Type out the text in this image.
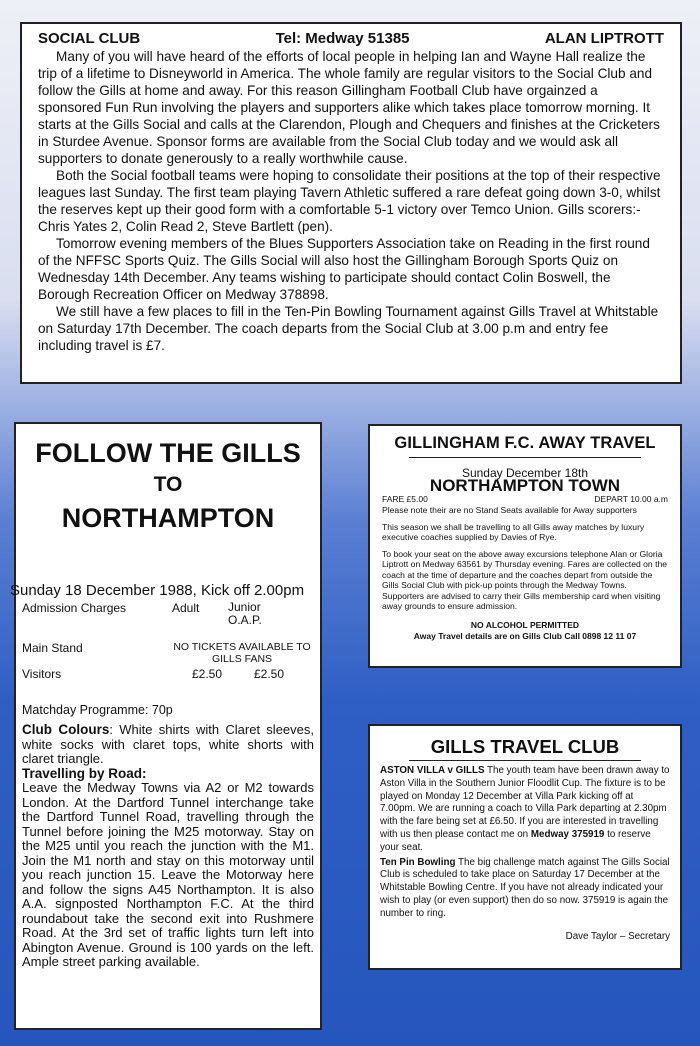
SOCIAL CLUB	Tel: Medway 51385	ALAN LIPTROTT

Many of you will have heard of the efforts of local people in helping Ian and Wayne Hall realize the trip of a lifetime to Disneyworld in America. The whole family are regular visitors to the Social Club and follow the Gills at home and away. For this reason Gillingham Football Club have orgainzed a sponsored Fun Run involving the players and supporters alike which takes place tomorrow morning. It starts at the Gills Social and calls at the Clarendon, Plough and Chequers and finishes at the Cricketers in Sturdee Avenue. Sponsor forms are available from the Social Club today and we would ask all supporters to donate generously to a really worthwhile cause.

Both the Social football teams were hoping to consolidate their positions at the top of their respective leagues last Sunday. The first team playing Tavern Athletic suffered a rare defeat going down 3-0, whilst the reserves kept up their good form with a comfortable 5-1 victory over Temco Union. Gills scorers:- Chris Yates 2, Colin Read 2, Steve Bartlett (pen).

Tomorrow evening members of the Blues Supporters Association take on Reading in the first round of the NFFSC Sports Quiz. The Gills Social will also host the Gillingham Borough Sports Quiz on Wednesday 14th December. Any teams wishing to participate should contact Colin Boswell, the Borough Recreation Officer on Medway 378898.

We still have a few places to fill in the Ten-Pin Bowling Tournament against Gills Travel at Whitstable on Saturday 17th December. The coach departs from the Social Club at 3.00 p.m and entry fee including travel is £7.

FOLLOW THE GILLS
TO
NORTHAMPTON
Sunday 18 December 1988, Kick off 2.00pm
Admission Charges	Adult	Junior
O.A.P.
Main Stand	NO TICKETS AVAILABLE TO GILLS FANS
Visitors	£2.50	£2.50
Matchday Programme: 70p
Club Colours: White shirts with Claret sleeves, white socks with claret tops, white shorts with claret triangle.
Travelling by Road:
Leave the Medway Towns via A2 or M2 towards London. At the Dartford Tunnel interchange take the Dartford Tunnel Road, travelling through the Tunnel before joining the M25 motorway. Stay on the M25 until you reach the junction with the M1. Join the M1 north and stay on this motorway until you reach junction 15. Leave the Motorway here and follow the signs A45 Northampton. It is also A.A. signposted Northampton F.C. At the third roundabout take the second exit into Rushmere Road. At the 3rd set of traffic lights turn left into Abington Avenue. Ground is 100 yards on the left. Ample street parking available.
GILLINGHAM F.C. AWAY TRAVEL
Sunday December 18th
NORTHAMPTON TOWN
FARE £5.00	DEPART 10.00 a.m
Please note their are no Stand Seats available for Away supporters
This season we shall be travelling to all Gills away matches by luxury executive coaches supplied by Davies of Rye.
To book your seat on the above away excursions telephone Alan or Gloria Liptrott on Medway 63561 by Thursday evening. Fares are collected on the coach at the time of departure and the coaches depart from outside the Gills Social Club with pick-up points through the Medway Towns. Supporters are advised to carry their Gills membership card when visiting away grounds to ensure admission.
NO ALCOHOL PERMITTED
Away Travel details are on Gills Club Call 0898 12 11 07
GILLS TRAVEL CLUB
ASTON VILLA v GILLS The youth team have been drawn away to Aston Villa in the Southern Junior Floodlit Cup. The fixture is to be played on Monday 12 December at Villa Park kicking off at 7.00pm. We are running a coach to Villa Park departing at 2.30pm with the fare being set at £6.50. If you are interested in travelling with us then please contact me on Medway 375919 to reserve your seat.
Ten Pin Bowling The big challenge match against The Gills Social Club is scheduled to take place on Saturday 17 December at the Whitstable Bowling Centre. If you have not already indicated your wish to play (or even support) then do so now. 375919 is again the number to ring.
Dave Taylor – Secretary
